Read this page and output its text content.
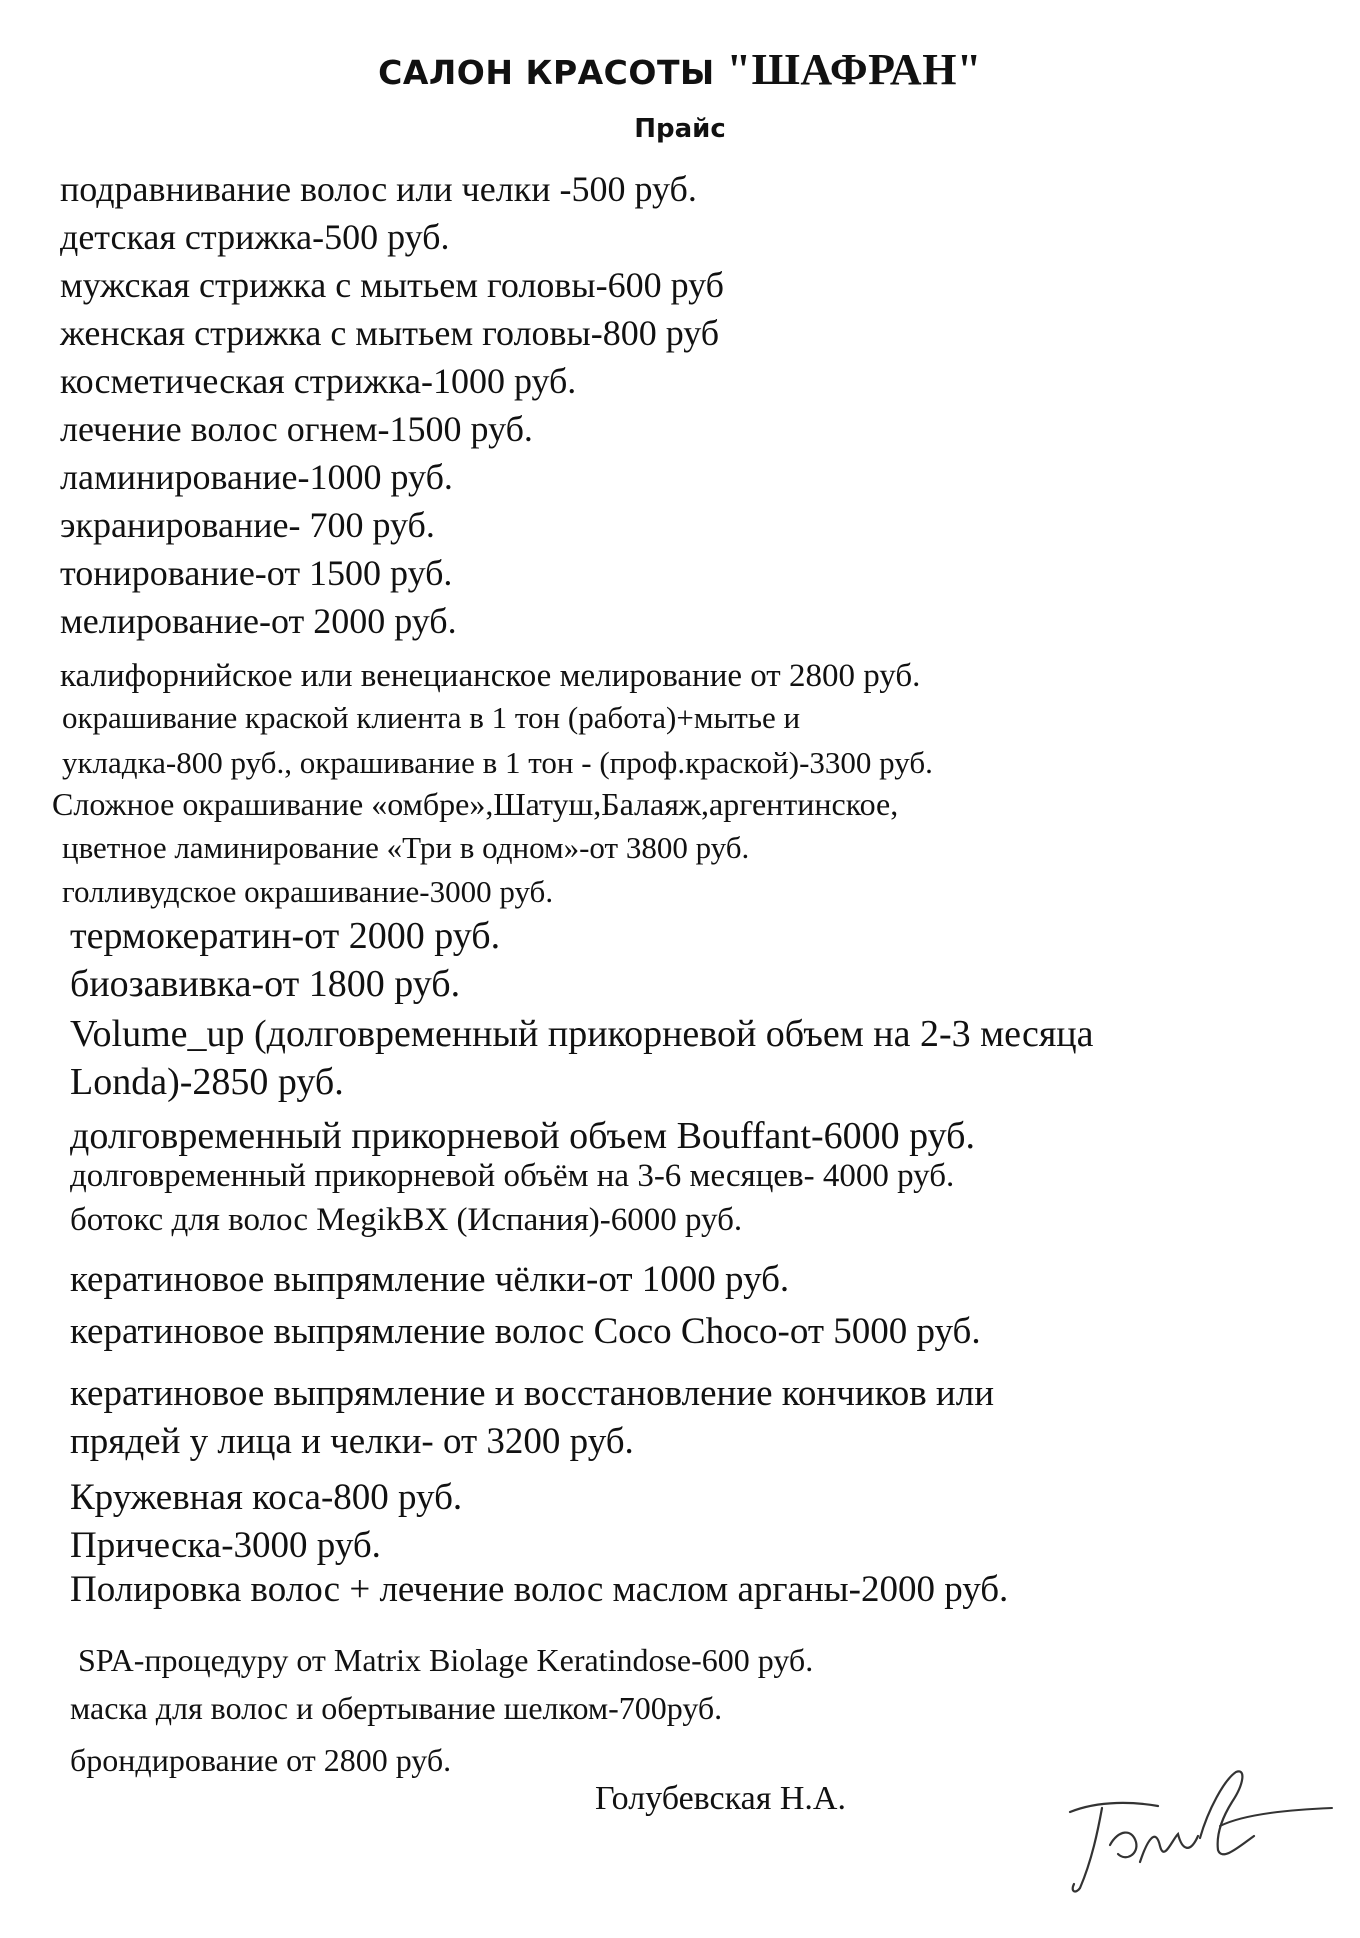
САЛОН КРАСОТЫ "ШАФРАН"
Прайс
подравнивание волос или челки -500 руб.
детская стрижка-500 руб.
мужская стрижка с мытьем головы-600 руб
женская стрижка с мытьем головы-800 руб
косметическая стрижка-1000 руб.
лечение волос огнем-1500 руб.
ламинирование-1000 руб.
экранирование- 700 руб.
тонирование-от 1500 руб.
мелирование-от 2000 руб.
калифорнийское или венецианское мелирование от 2800 руб.
окрашивание краской клиента в 1 тон (работа)+мытье и
укладка-800 руб., окрашивание в 1 тон - (проф.краской)-3300 руб.
Сложное окрашивание «омбре»,Шатуш,Балаяж,аргентинское,
цветное ламинирование «Три в одном»-от 3800 руб.
голливудское окрашивание-3000 руб.
термокератин-от 2000 руб.
биозавивка-от 1800 руб.
Volume_up (долговременный прикорневой объем на 2-3 месяца
Londa)-2850 руб.
долговременный прикорневой объем Bouffant-6000 руб.
долговременный прикорневой объём на 3-6 месяцев- 4000 руб.
ботокс для волос MegikBX (Испания)-6000 руб.
кератиновое выпрямление чёлки-от 1000 руб.
кератиновое выпрямление волос Coco Choco-от 5000 руб.
кератиновое выпрямление и восстановление кончиков или
прядей у лица и челки- от 3200 руб.
Кружевная коса-800 руб.
Прическа-3000 руб.
Полировка волос + лечение волос маслом арганы-2000 руб.
SPA-процедуру от Matrix Biolage Keratindose-600 руб.
маска для волос и обертывание шелком-700руб.
брондирование от 2800 руб.
Голубевская Н.А.
